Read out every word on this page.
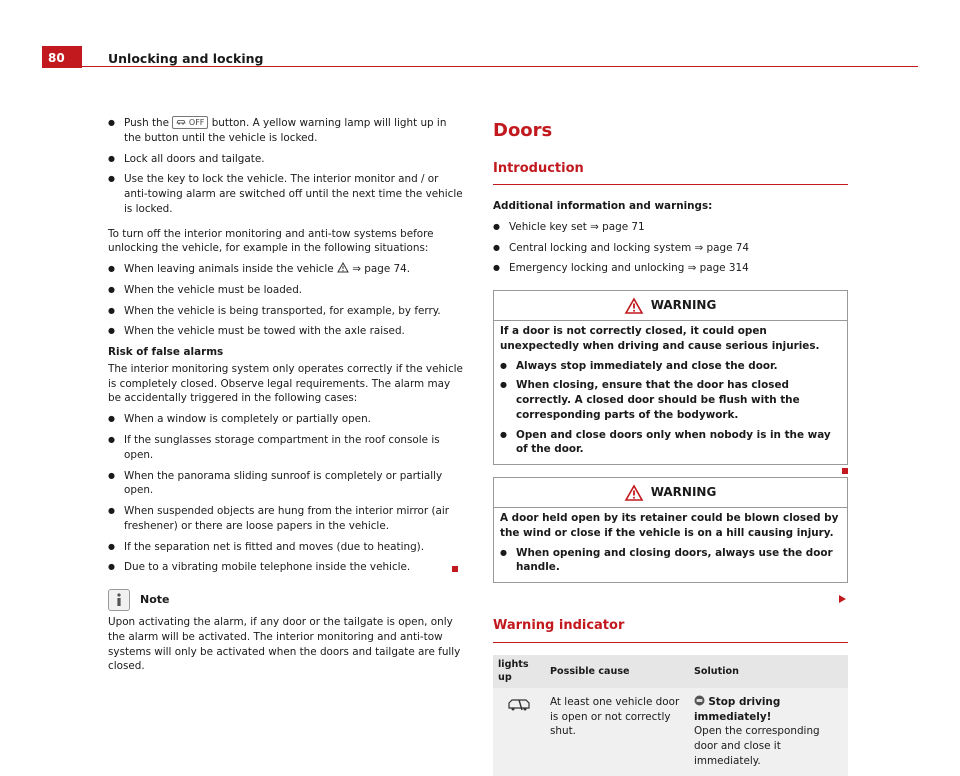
80	Unlocking and locking
● Push the OFF button. A yellow warning lamp will light up in the button until the vehicle is locked.
● Lock all doors and tailgate.
● Use the key to lock the vehicle. The interior monitor and / or anti-towing alarm are switched off until the next time the vehicle is locked.

To turn off the interior monitoring and anti-tow systems before unlocking the vehicle, for example in the following situations:

● When leaving animals inside the vehicle ⇒ page 74.
● When the vehicle must be loaded.
● When the vehicle is being transported, for example, by ferry.
● When the vehicle must be towed with the axle raised.

Risk of false alarms

The interior monitoring system only operates correctly if the vehicle is completely closed. Observe legal requirements. The alarm may be accidentally triggered in the following cases:

● When a window is completely or partially open.
● If the sunglasses storage compartment in the roof console is open.
● When the panorama sliding sunroof is completely or partially open.
● When suspended objects are hung from the interior mirror (air freshener) or there are loose papers in the vehicle.
● If the separation net is fitted and moves (due to heating).
● Due to a vibrating mobile telephone inside the vehicle.
Note

Upon activating the alarm, if any door or the tailgate is open, only the alarm will be activated. The interior monitoring and anti-tow systems will only be activated when the doors and tailgate are fully closed.

Doors
Introduction

Additional information and warnings:

● Vehicle key set ⇒ page 71
● Central locking and locking system ⇒ page 74
● Emergency locking and unlocking ⇒ page 314
WARNING

If a door is not correctly closed, it could open unexpectedly when driving and cause serious injuries.

● Always stop immediately and close the door.
● When closing, ensure that the door has closed correctly. A closed door should be flush with the corresponding parts of the bodywork.
● Open and close doors only when nobody is in the way of the door.
WARNING

A door held open by its retainer could be blown closed by the wind or close if the vehicle is on a hill causing injury.

● When opening and closing doors, always use the door handle.
Warning indicator
lights up	Possible cause	Solution
	At least one vehicle door is open or not correctly shut.	Stop driving immediately!
Open the corresponding door and close it immediately.
